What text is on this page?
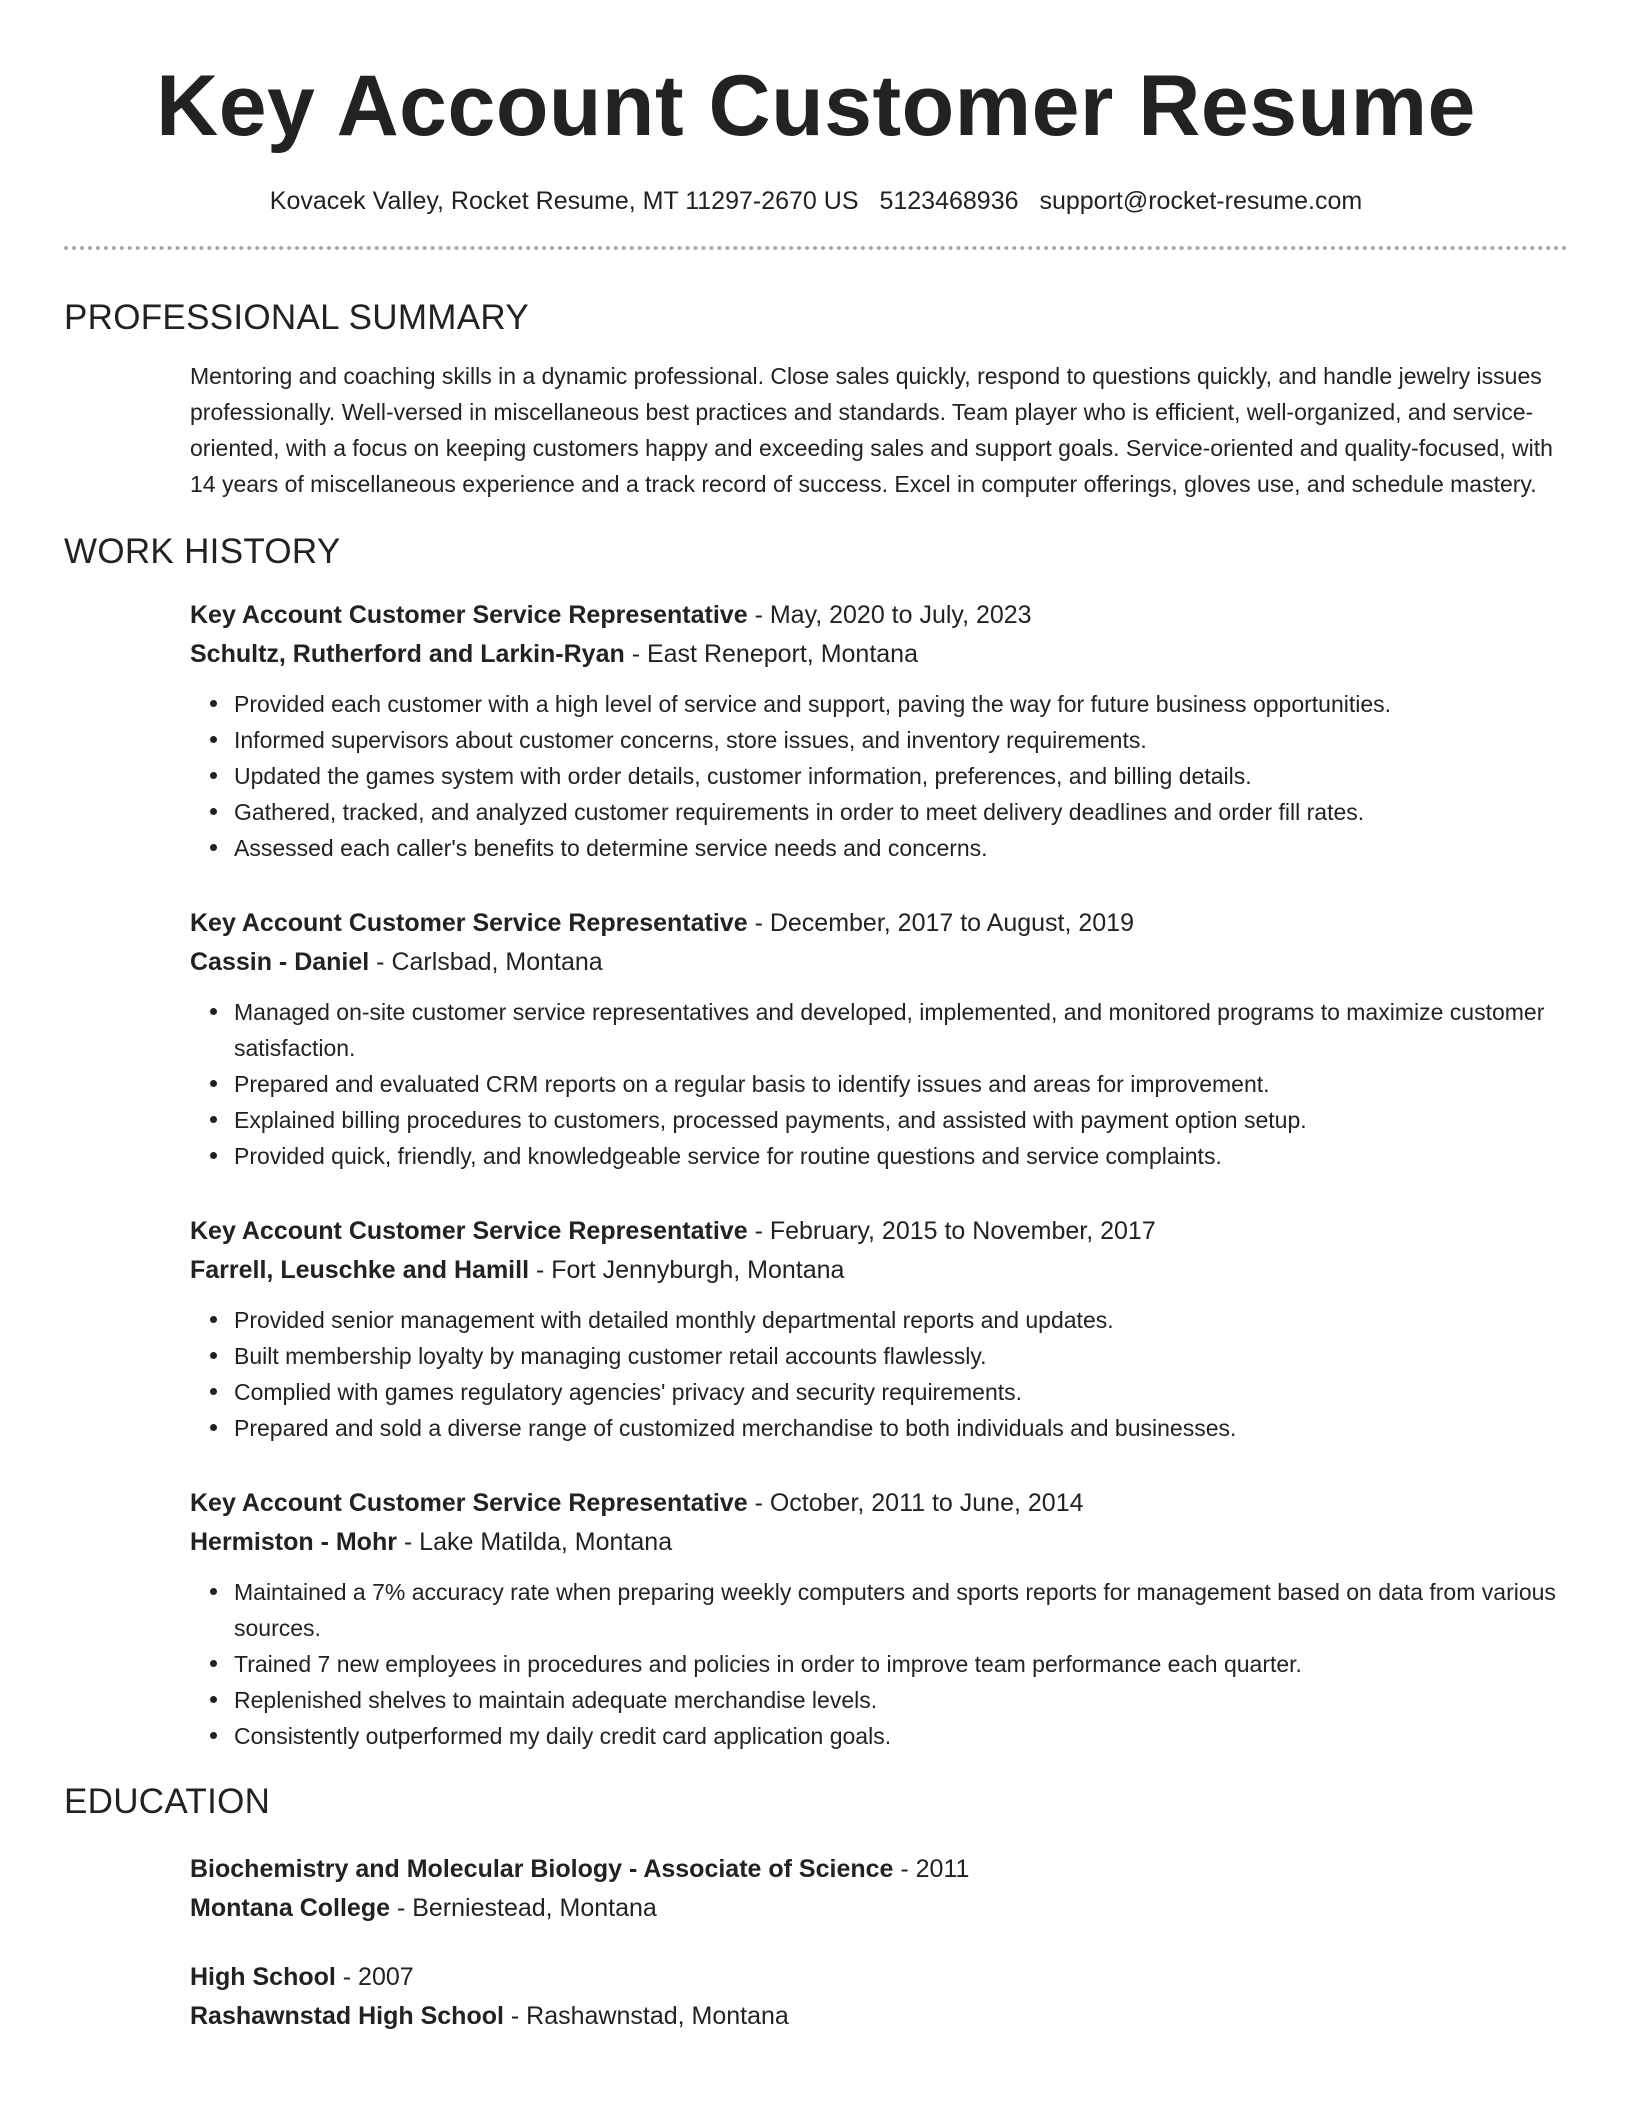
Key Account Customer Resume
Kovacek Valley, Rocket Resume, MT 11297-2670 US 5123468936 support@rocket-resume.com
PROFESSIONAL SUMMARY

Mentoring and coaching skills in a dynamic professional. Close sales quickly, respond to questions quickly, and handle jewelry issues professionally. Well-versed in miscellaneous best practices and standards. Team player who is efficient, well-organized, and service-oriented, with a focus on keeping customers happy and exceeding sales and support goals. Service-oriented and quality-focused, with 14 years of miscellaneous experience and a track record of success. Excel in computer offerings, gloves use, and schedule mastery.

WORK HISTORY
Key Account Customer Service Representative - May, 2020 to July, 2023
Schultz, Rutherford and Larkin-Ryan - East Reneport, Montana
Provided each customer with a high level of service and support, paving the way for future business opportunities.
Informed supervisors about customer concerns, store issues, and inventory requirements.
Updated the games system with order details, customer information, preferences, and billing details.
Gathered, tracked, and analyzed customer requirements in order to meet delivery deadlines and order fill rates.
Assessed each caller's benefits to determine service needs and concerns.
Key Account Customer Service Representative - December, 2017 to August, 2019
Cassin - Daniel - Carlsbad, Montana
Managed on-site customer service representatives and developed, implemented, and monitored programs to maximize customer satisfaction.
Prepared and evaluated CRM reports on a regular basis to identify issues and areas for improvement.
Explained billing procedures to customers, processed payments, and assisted with payment option setup.
Provided quick, friendly, and knowledgeable service for routine questions and service complaints.
Key Account Customer Service Representative - February, 2015 to November, 2017
Farrell, Leuschke and Hamill - Fort Jennyburgh, Montana
Provided senior management with detailed monthly departmental reports and updates.
Built membership loyalty by managing customer retail accounts flawlessly.
Complied with games regulatory agencies' privacy and security requirements.
Prepared and sold a diverse range of customized merchandise to both individuals and businesses.
Key Account Customer Service Representative - October, 2011 to June, 2014
Hermiston - Mohr - Lake Matilda, Montana
Maintained a 7% accuracy rate when preparing weekly computers and sports reports for management based on data from various sources.
Trained 7 new employees in procedures and policies in order to improve team performance each quarter.
Replenished shelves to maintain adequate merchandise levels.
Consistently outperformed my daily credit card application goals.
EDUCATION
Biochemistry and Molecular Biology - Associate of Science - 2011
Montana College - Berniestead, Montana
High School - 2007
Rashawnstad High School - Rashawnstad, Montana
